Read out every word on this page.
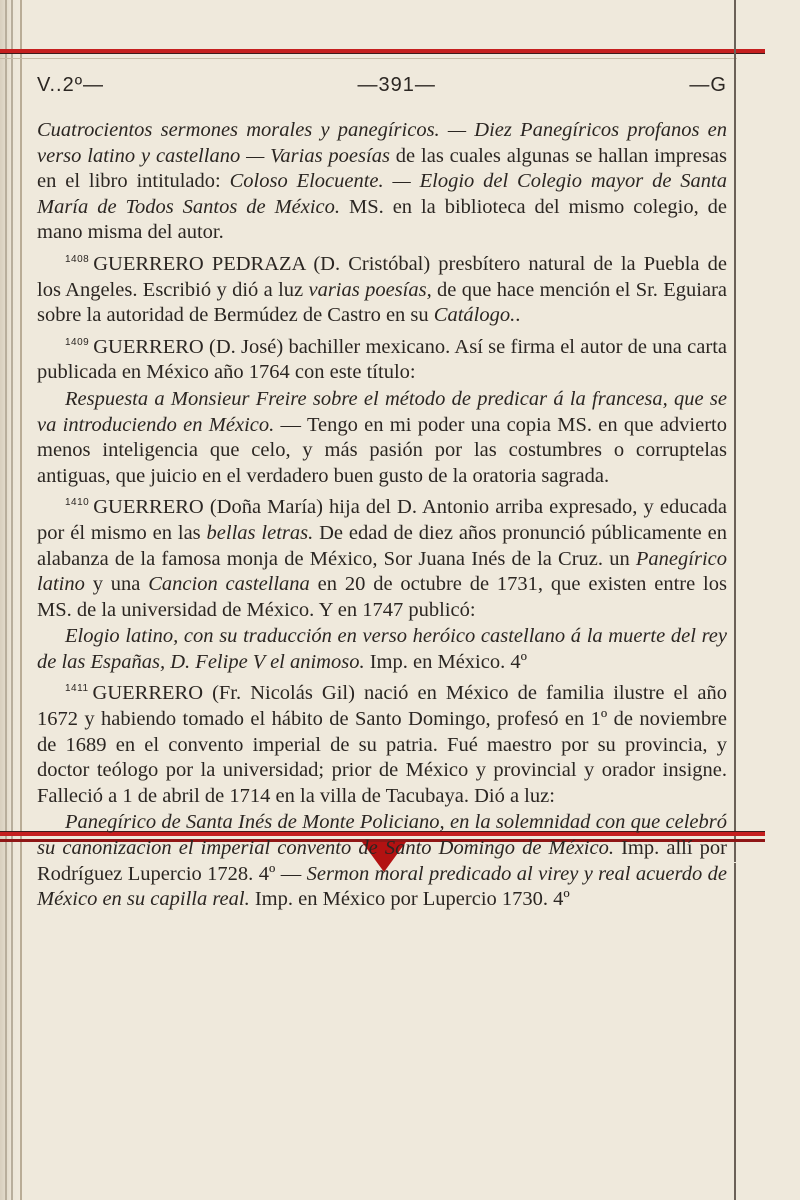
V..2º—	—391—	—G

Cuatrocientos sermones morales y panegíricos. — Diez Panegíricos profanos en verso latino y castellano — Varias poesías de las cuales algunas se hallan impresas en el libro intitulado: Coloso Elocuente. — Elogio del Colegio mayor de Santa María de Todos Santos de México. MS. en la biblioteca del mismo colegio, de mano misma del autor.

$^{1408}$ GUERRERO PEDRAZA (D. Cristóbal) presbítero natural de la Puebla de los Angeles. Escribió y dió a luz varias poesías, de que hace mención el Sr. Eguiara sobre la autoridad de Bermúdez de Castro en su Catálogo..

$^{1409}$ GUERRERO (D. José) bachiller mexicano. Así se firma el autor de una carta publicada en México año 1764 con este título:

Respuesta a Monsieur Freire sobre el método de predicar á la francesa, que se va introduciendo en México. — Tengo en mi poder una copia MS. en que advierto menos inteligencia que celo, y más pasión por las costumbres o corruptelas antiguas, que juicio en el verdadero buen gusto de la oratoria sagrada.

$^{1410}$ GUERRERO (Doña María) hija del D. Antonio arriba expresado, y educada por él mismo en las bellas letras. De edad de diez años pronunció públicamente en alabanza de la famosa monja de México, Sor Juana Inés de la Cruz. un Panegírico latino y una Cancion castellana en 20 de octubre de 1731, que existen entre los MS. de la universidad de México. Y en 1747 publicó:

Elogio latino, con su traducción en verso heróico castellano á la muerte del rey de las Españas, D. Felipe V el animoso. Imp. en México. 4º

$^{1411}$ GUERRERO (Fr. Nicolás Gil) nació en México de familia ilustre el año 1672 y habiendo tomado el hábito de Santo Domingo, profesó en 1º de noviembre de 1689 en el convento imperial de su patria. Fué maestro por su provincia, y doctor teólogo por la universidad; prior de México y provincial y orador insigne. Falleció a 1 de abril de 1714 en la villa de Tacubaya. Dió a luz:

Panegírico de Santa Inés de Monte Policiano, en la solemnidad con que celebró su canonizacion el imperial convento de Santo Domingo de México. Imp. allí por Rodríguez Lupercio 1728. 4º — Sermon moral predicado al virey y real acuerdo de México en su capilla real. Imp. en México por Lupercio 1730. 4º
